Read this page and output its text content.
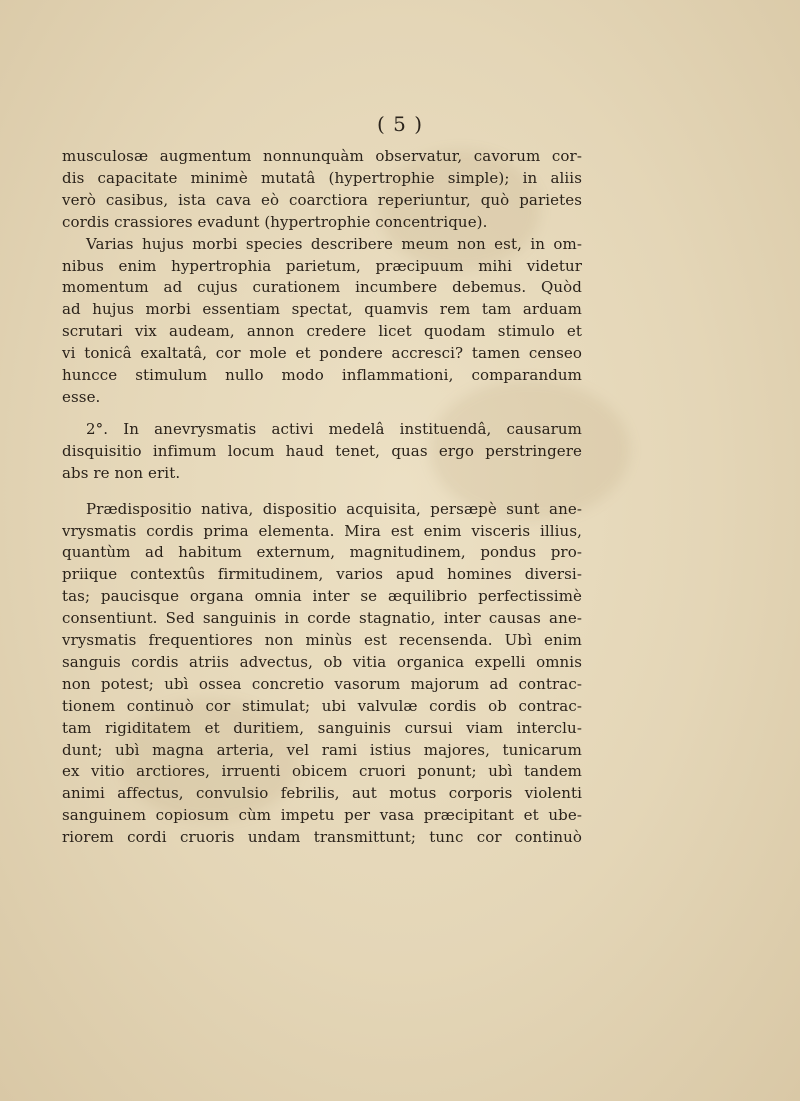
( 5 )
musculosæ augmentum nonnunquàm observatur, cavorum cor-
dis capacitate minimè mutatâ (hypertrophie simple); in aliis
verò casibus, ista cava eò coarctiora reperiuntur, quò parietes
cordis crassiores evadunt (hypertrophie concentrique).
Varias hujus morbi species describere meum non est, in om-
nibus enim hypertrophia parietum, præcipuum mihi videtur
momentum ad cujus curationem incumbere debemus. Quòd
ad hujus morbi essentiam spectat, quamvis rem tam arduam
scrutari vix audeam, annon credere licet quodam stimulo et
vi tonicâ exaltatâ, cor mole et pondere accresci? tamen censeo
huncce stimulum nullo modo inflammationi, comparandum
esse.
2°. In anevrysmatis activi medelâ instituendâ, causarum
disquisitio infimum locum haud tenet, quas ergo perstringere
abs re non erit.
Prædispositio nativa, dispositio acquisita, persæpè sunt ane-
vrysmatis cordis prima elementa. Mira est enim visceris illius,
quantùm ad habitum externum, magnitudinem, pondus pro-
priique contextûs firmitudinem, varios apud homines diversi-
tas; paucisque organa omnia inter se æquilibrio perfectissimè
consentiunt. Sed sanguinis in corde stagnatio, inter causas ane-
vrysmatis frequentiores non minùs est recensenda. Ubì enim
sanguis cordis atriis advectus, ob vitia organica expelli omnis
non potest; ubì ossea concretio vasorum majorum ad contrac-
tionem continuò cor stimulat; ubi valvulæ cordis ob contrac-
tam rigiditatem et duritiem, sanguinis cursui viam interclu-
dunt; ubì magna arteria, vel rami istius majores, tunicarum
ex vitio arctiores, irruenti obicem cruori ponunt; ubì tandem
animi affectus, convulsio febrilis, aut motus corporis violenti
sanguinem copiosum cùm impetu per vasa præcipitant et ube-
riorem cordi cruoris undam transmittunt; tunc cor continuò
